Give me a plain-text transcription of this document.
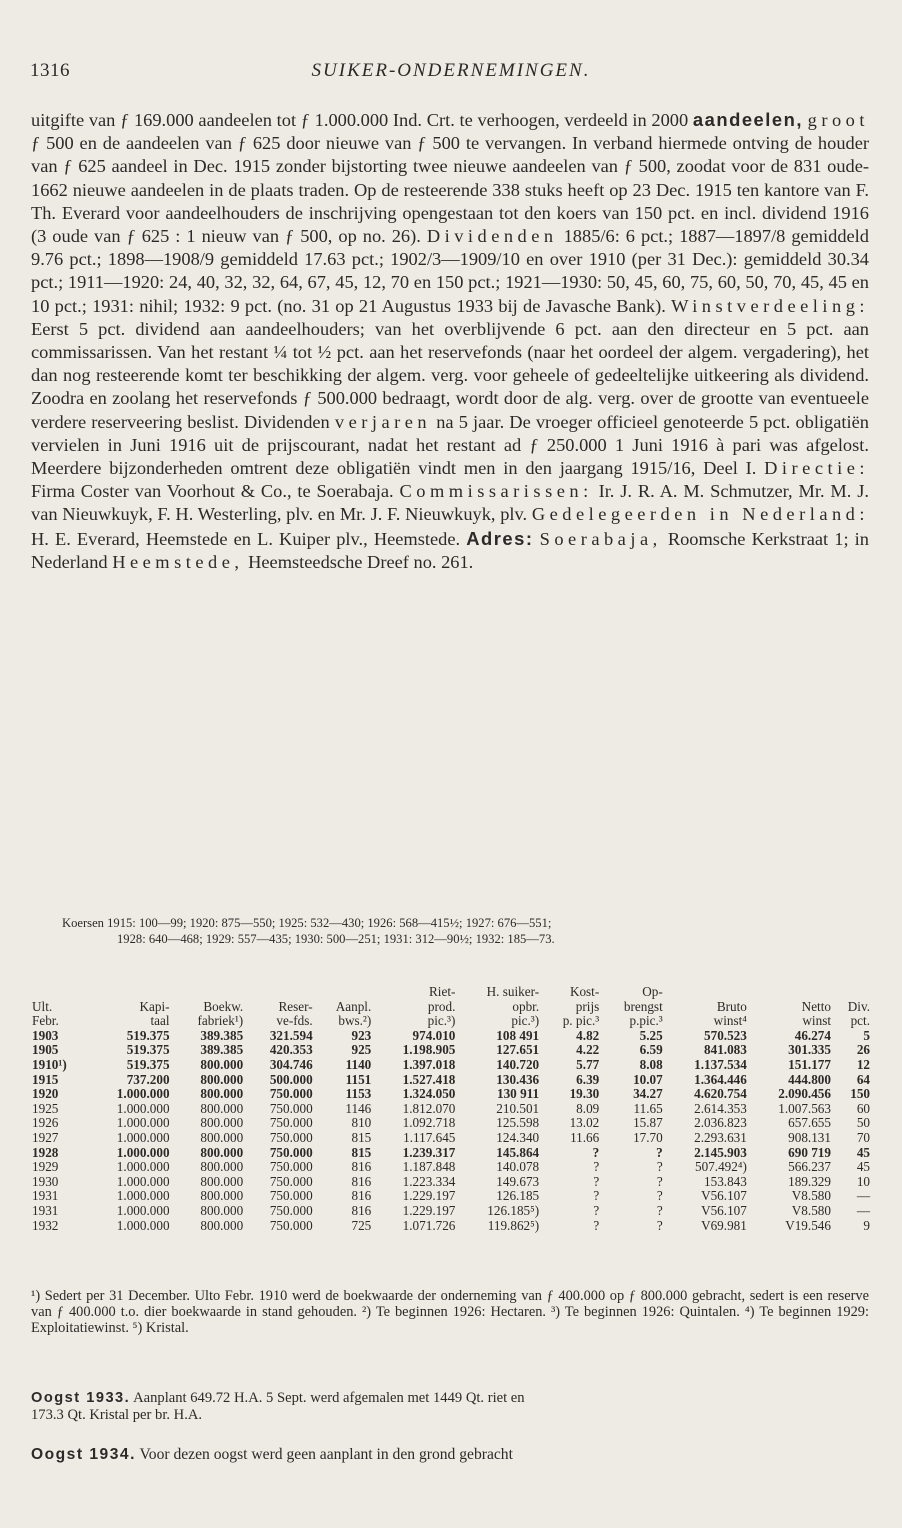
1316	SUIKER-ONDERNEMINGEN.

uitgifte van ƒ 169.000 aandeelen tot ƒ 1.000.000 Ind. Crt. te verhoogen, verdeeld in 2000 aandeelen, groot ƒ 500 en de aandeelen van ƒ 625 door nieuwe van ƒ 500 te vervangen. In verband hiermede ontving de houder van ƒ 625 aandeel in Dec. 1915 zonder bijstorting twee nieuwe aandeelen van ƒ 500, zoodat voor de 831 oude- 1662 nieuwe aandeelen in de plaats traden. Op de resteerende 338 stuks heeft op 23 Dec. 1915 ten kantore van F. Th. Everard voor aandeelhouders de inschrijving opengestaan tot den koers van 150 pct. en incl. dividend 1916 (3 oude van ƒ 625 : 1 nieuw van ƒ 500, op no. 26). Dividenden 1885/6: 6 pct.; 1887—1897/8 gemiddeld 9.76 pct.; 1898—1908/9 gemiddeld 17.63 pct.; 1902/3—1909/10 en over 1910 (per 31 Dec.): gemiddeld 30.34 pct.; 1911—1920: 24, 40, 32, 32, 64, 67, 45, 12, 70 en 150 pct.; 1921—1930: 50, 45, 60, 75, 60, 50, 70, 45, 45 en 10 pct.; 1931: nihil; 1932: 9 pct. (no. 31 op 21 Augustus 1933 bij de Javasche Bank). Winstverdeeling: Eerst 5 pct. dividend aan aandeelhouders; van het overblijvende 6 pct. aan den directeur en 5 pct. aan commissarissen. Van het restant ¼ tot ½ pct. aan het reservefonds (naar het oordeel der algem. vergadering), het dan nog resteerende komt ter beschikking der algem. verg. voor geheele of gedeeltelijke uitkeering als dividend. Zoodra en zoolang het reservefonds ƒ 500.000 bedraagt, wordt door de alg. verg. over de grootte van eventueele verdere reserveering beslist. Dividenden verjaren na 5 jaar. De vroeger officieel genoteerde 5 pct. obligatiën vervielen in Juni 1916 uit de prijscourant, nadat het restant ad ƒ 250.000 1 Juni 1916 à pari was afgelost. Meerdere bijzonderheden omtrent deze obligatiën vindt men in den jaargang 1915/16, Deel I. Directie: Firma Coster van Voorhout & Co., te Soerabaja. Commissarissen: Ir. J. R. A. M. Schmutzer, Mr. M. J. van Nieuwkuyk, F. H. Westerling, plv. en Mr. J. F. Nieuwkuyk, plv. Gedelegeerden in Nederland: H. E. Everard, Heemstede en L. Kuiper plv., Heemstede. Adres: Soerabaja, Roomsche Kerkstraat 1; in Nederland Heemstede, Heemsteedsche Dreef no. 261.

Koersen 1915: 100—99; 1920: 875—550; 1925: 532—430; 1926: 568—415½; 1927: 676—551;
1928: 640—468; 1929: 557—435; 1930: 500—251; 1931: 312—90½; 1932: 185—73.

					Riet-	H. suiker-	Kost-	Op-			
Ult.	Kapi-	Boekw.	Reser-	Aanpl.	prod.	opbr.	prijs	brengst	Bruto	Netto	Div.
Febr.	taal	fabriek¹)	ve-fds.	bws.²)	pic.³)	pic.³)	p. pic.³	p.pic.³	winst⁴	winst	pct.
1903	519.375	389.385	321.594	923	974.010	108 491	4.82	5.25	570.523	46.274	5
1905	519.375	389.385	420.353	925	1.198.905	127.651	4.22	6.59	841.083	301.335	26
1910¹)	519.375	800.000	304.746	1140	1.397.018	140.720	5.77	8.08	1.137.534	151.177	12
1915	737.200	800.000	500.000	1151	1.527.418	130.436	6.39	10.07	1.364.446	444.800	64
1920	1.000.000	800.000	750.000	1153	1.324.050	130 911	19.30	34.27	4.620.754	2.090.456	150
1925	1.000.000	800.000	750.000	1146	1.812.070	210.501	8.09	11.65	2.614.353	1.007.563	60
1926	1.000.000	800.000	750.000	810	1.092.718	125.598	13.02	15.87	2.036.823	657.655	50
1927	1.000.000	800.000	750.000	815	1.117.645	124.340	11.66	17.70	2.293.631	908.131	70
1928	1.000.000	800.000	750.000	815	1.239.317	145.864	?	?	2.145.903	690 719	45
1929	1.000.000	800.000	750.000	816	1.187.848	140.078	?	?	507.492⁴)	566.237	45
1930	1.000.000	800.000	750.000	816	1.223.334	149.673	?	?	153.843	189.329	10
1931	1.000.000	800.000	750.000	816	1.229.197	126.185	?	?	V56.107	V8.580	—
1931	1.000.000	800.000	750.000	816	1.229.197	126.185⁵)	?	?	V56.107	V8.580	—
1932	1.000.000	800.000	750.000	725	1.071.726	119.862⁵)	?	?	V69.981	V19.546	9

¹) Sedert per 31 December. Ulto Febr. 1910 werd de boekwaarde der onderneming van ƒ 400.000 op ƒ 800.000 gebracht, sedert is een reserve van ƒ 400.000 t.o. dier boekwaarde in stand gehouden. ²) Te beginnen 1926: Hectaren. ³) Te beginnen 1926: Quintalen. ⁴) Te beginnen 1929: Exploitatiewinst. ⁵) Kristal.

Oogst 1933. Aanplant 649.72 H.A. 5 Sept. werd afgemalen met 1449 Qt. riet en
173.3 Qt. Kristal per br. H.A.

Oogst 1934. Voor dezen oogst werd geen aanplant in den grond gebracht
